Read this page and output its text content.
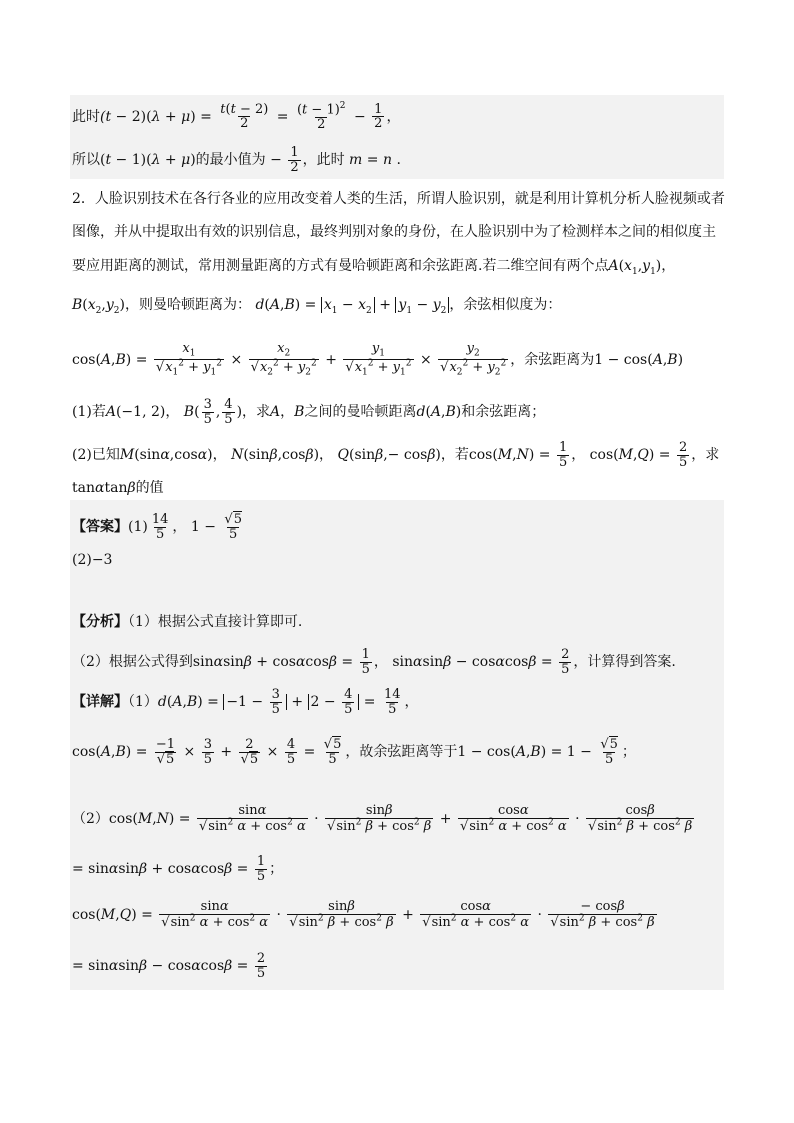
此时$(t - 2)(\lambda + \mu) = \frac{t(t - 2)}{2} = \frac{(t - 1)^2}{2} - \frac{1}{2}$ ，
所以(t − 1)(λ + μ)的最小值为 − $\frac{1}{2}$ ，此时 m = n .
2．人脸识别技术在各行各业的应用改变着人类的生活，所谓人脸识别，就是利用计算机分析人脸视频或者
图像，并从中提取出有效的识别信息，最终判别对象的身份，在人脸识别中为了检测样本之间的相似度主
要应用距离的测试，常用测量距离的方式有曼哈顿距离和余弦距离.若二维空间有两个点$A(x_1,y_1)$，
$B(x_2,y_2)$，则曼哈顿距离为： $d(A,B) = x_1 - x_2 + y_1 - y_2$ ，余弦相似度为：
$\cos(A,B) = x_1$
√ $x_1^2 + y_1^2 \times x_2$
√ $x_2^2 + y_2^2 + y_1$
√ $x_1^2 + y_1^2 \times y_2$
√ $x_2^2 + y_2^2$ ，余弦距离为1 − cos(A,B)
(1)若A(−1, 2)， $B( \frac{3}{5}$ , $\frac{4}{5}$ )，求A，B之间的曼哈顿距离d(A,B)和余弦距离；
(2)已知M(sinα,cosα)， N(sinβ,cosβ)， Q(sinβ,− cosβ)，若$\cos(M,N) = \frac{1}{5}$ ， $\cos(M,Q) = \frac{2}{5}$ ，求
tanαtanβ的值
【答案】$(1) \frac{14}{5}$ ， 1 − √ $\frac{5}{5}$
(2)−3
【分析】（1）根据公式直接计算即可.
（2）根据公式得到$\sin\alpha\sin\beta + \cos\alpha\cos\beta = \frac{1}{5}$ ， $\sin\alpha\sin\beta - \cos\alpha\cos\beta = \frac{2}{5}$ ，计算得到答案.
【详解】$(1)d(A,B) = -1 - \frac{3}{5} + 2 - \frac{4}{5} = \frac{14}{5}$ ，
cos(A,B) = −1
√ $5 \times \frac{3}{5} + 2$
√ $5 \times \frac{4}{5}$ = √ $\frac{5}{5}$ ，故余弦距离等于1 − cos(A,B) = 1 − √ $\frac{5}{5}$ ；
（2）cos(M,N) = sinα
√ $\sin^2 \alpha + \cos^2 \alpha \cdot \sin\beta$
√ $\sin^2 \beta + \cos^2 \beta + \cos\alpha$
√ $\sin^2 \alpha + \cos^2 \alpha \cdot \cos\beta$
√ $\sin^2 \beta + \cos^2 \beta$
= $\sin\alpha\sin\beta + \cos\alpha\cos\beta = \frac{1}{5}$ ；
cos(M,Q) = sinα
√ $\sin^2 \alpha + \cos^2 \alpha \cdot \sin\beta$
√ $\sin^2 \beta + \cos^2 \beta + \cos\alpha$
√ $\sin^2 \alpha + \cos^2 \alpha$ · − cosβ
√ $\sin^2 \beta + \cos^2 \beta$
= $\sin\alpha\sin\beta - \cos\alpha\cos\beta = \frac{2}{5}$
